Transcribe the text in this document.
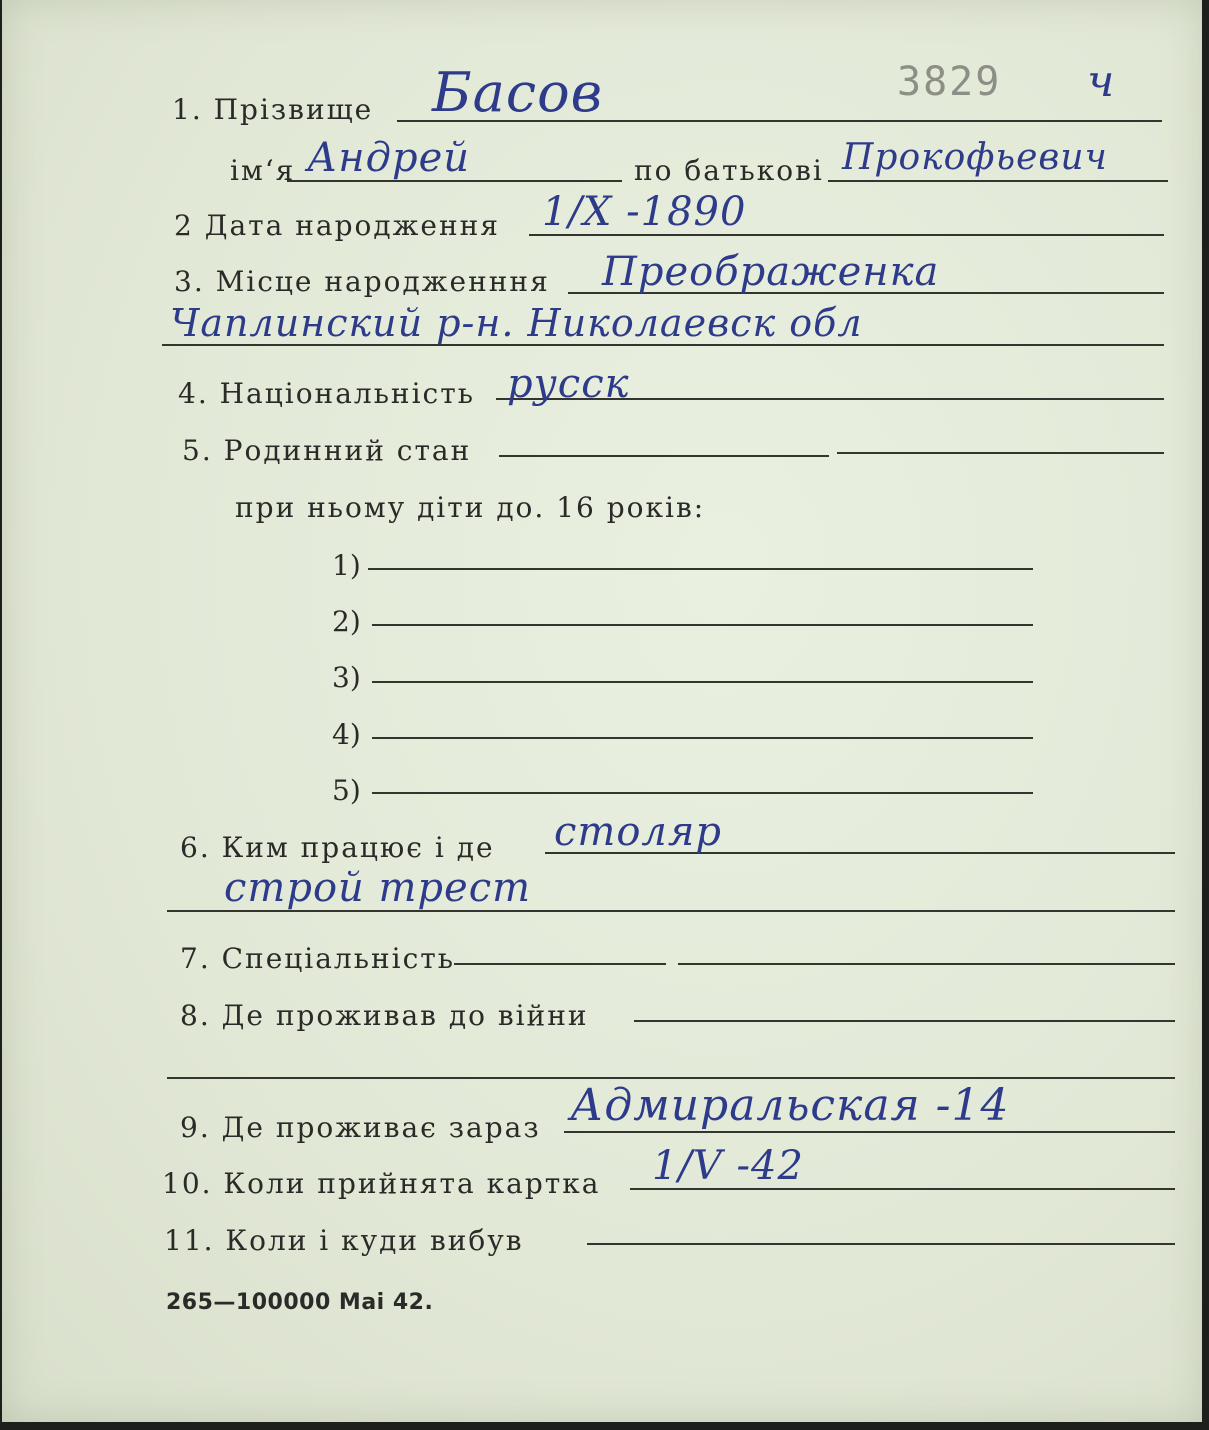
3829 ч
1. Прізвище Басов
ім‘я Андрей	по батькові Прокофьевич
2 Дата народження 1/X -1890
3. Місце народженння Преображенка
Чаплинский р-н. Николаевск обл
4. Національність русск
5. Родинний стан
при ньому діти до. 16 років:
1)
2)
3)
4)
5)
6. Ким працює і де столяр
строй трест
7. Спеціальність
8. Де проживав до війни
9. Де проживає зараз Адмиральская -14
10. Коли прийнята картка 1/V -42
11. Коли і куди вибув
265—100000 Mai 42.
